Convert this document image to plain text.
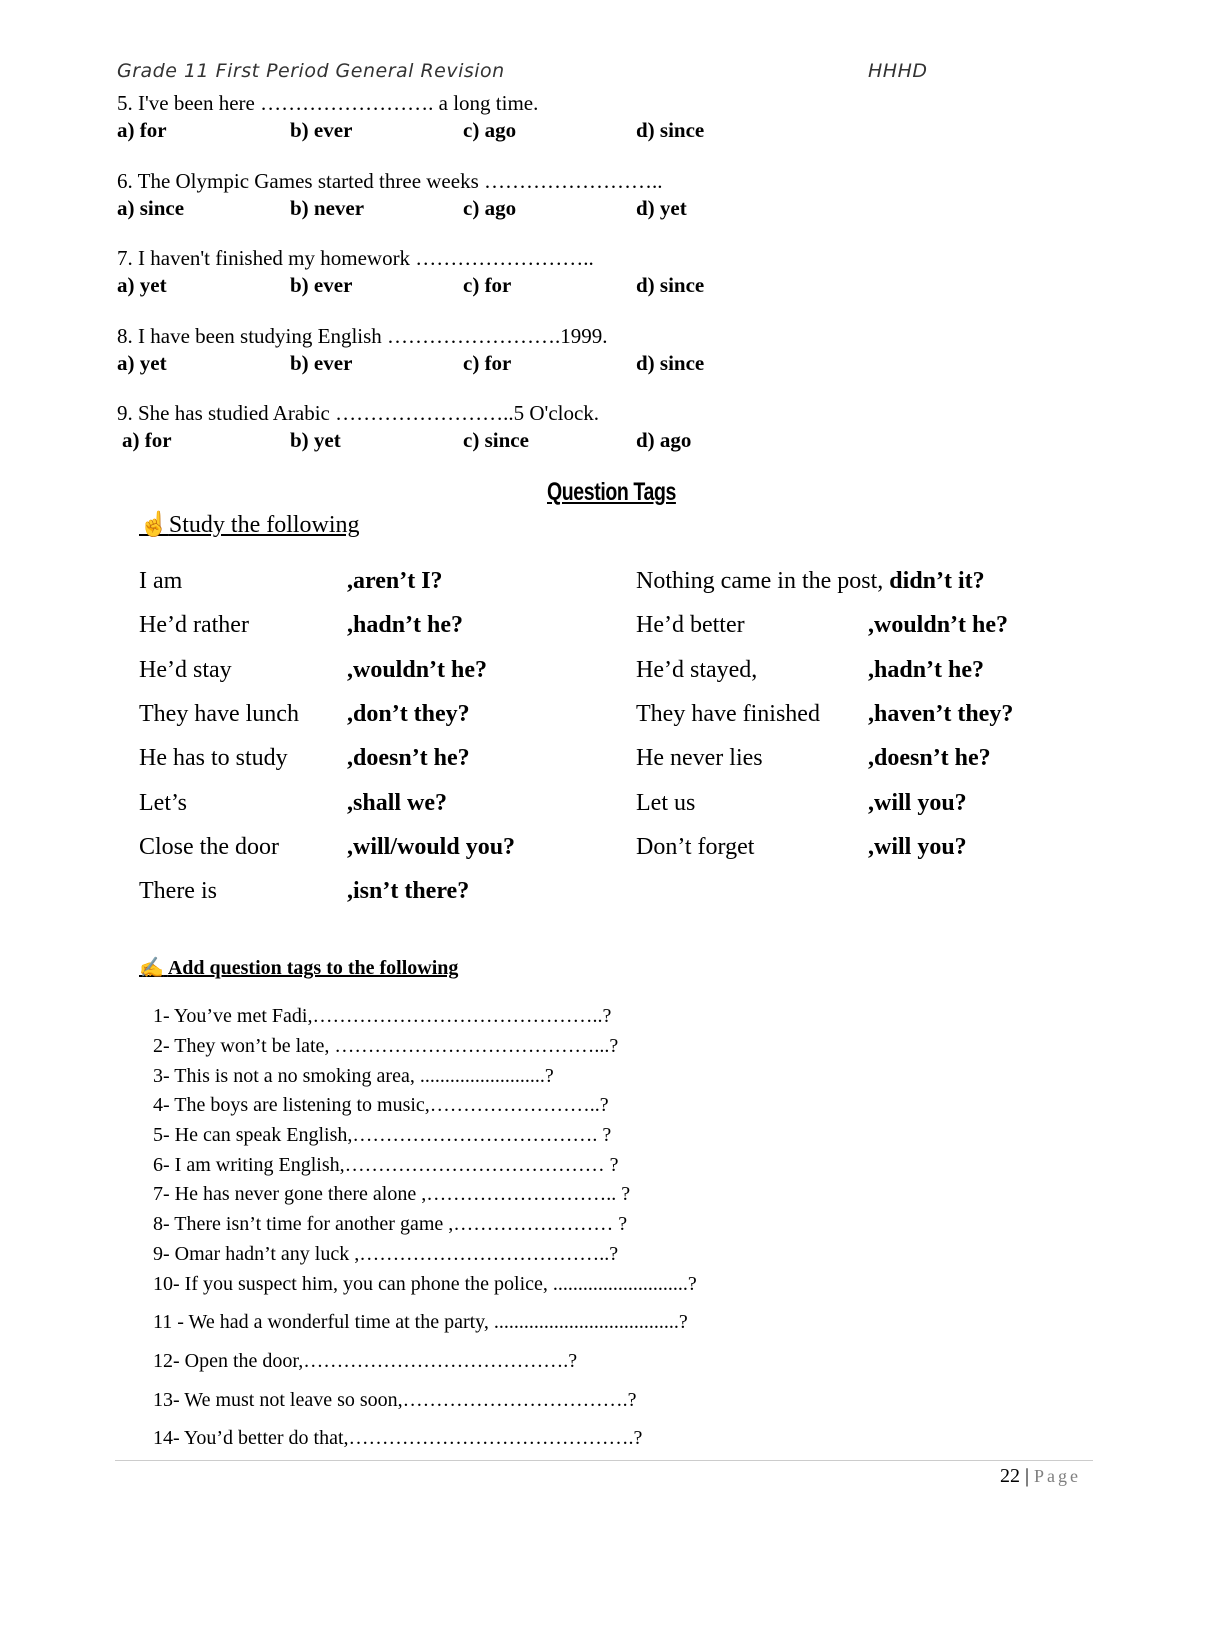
Grade 11 First Period General Revision	HHHD
5. I've been here ……………………. a long time.
a) for	b) ever	c) ago	d) since
6. The Olympic Games started three weeks ……………………..
a) since	b) never	c) ago	d) yet
7. I haven't finished my homework ……………………..
a) yet	b) ever	c) for	d) since
8. I have been studying English …………………….1999.
a) yet	b) ever	c) for	d) since
9. She has studied Arabic ……………………..5 O'clock.
a) for	b) yet	c) since	d) ago
Question Tags
☝Study the following
I am	,aren’t I?
He’d rather	,hadn’t he?
He’d stay	,wouldn’t he?
They have lunch ,don’t they?
He has to study ,doesn’t he?
Let’s	,shall we?
Close the door	,will/would you?
There is	,isn’t there?
Nothing came in the post, didn’t it?
He’d better	,wouldn’t he?
He’d stayed,	,hadn’t he?
They have finished ,haven’t they?
He never lies	,doesn’t he?
Let us	,will you?
Don’t forget	,will you?
✍ Add question tags to the following
1- You’ve met Fadi,……………………………………..?
2- They won’t be late, …………………………………...?
3- This is not a no smoking area, .........................?
4- The boys are listening to music,……………………..?
5- He can speak English,………………………………. ?
6- I am writing English,………………………………… ?
7- He has never gone there alone ,……………………….. ?
8- There isn’t time for another game ,…………………… ?
9- Omar hadn’t any luck ,………………………………..?
10- If you suspect him, you can phone the police, ...........................?
11 - We had a wonderful time at the party, .....................................?
12- Open the door,………………………………….?
13- We must not leave so soon,…………………………….?
14- You’d better do that,…………………………………….?
22 | Page
